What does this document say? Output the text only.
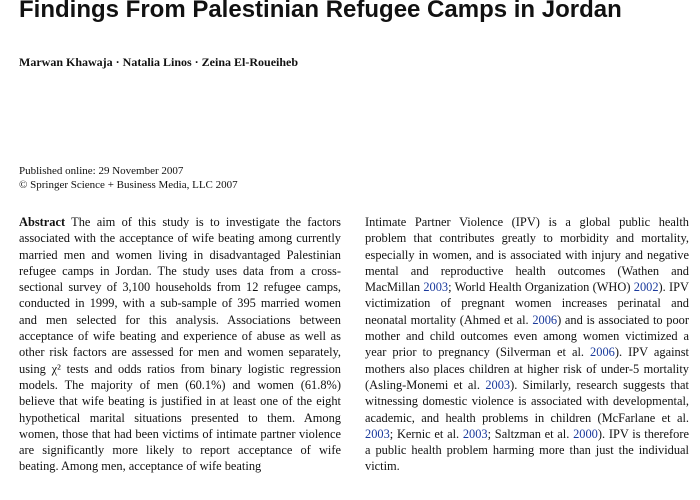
Findings From Palestinian Refugee Camps in Jordan
Marwan Khawaja · Natalia Linos · Zeina El-Roueiheb
Published online: 29 November 2007
© Springer Science + Business Media, LLC 2007

Abstract The aim of this study is to investigate the factors associated with the acceptance of wife beating among currently married men and women living in disadvantaged Palestinian refugee camps in Jordan. The study uses data from a cross-sectional survey of 3,100 households from 12 refugee camps, conducted in 1999, with a sub-sample of 395 married women and men selected for this analysis. Associations between acceptance of wife beating and experience of abuse as well as other risk factors are assessed for men and women separately, using χ² tests and odds ratios from binary logistic regression models. The majority of men (60.1%) and women (61.8%) believe that wife beating is justified in at least one of the eight hypothetical marital situations presented to them. Among women, those that had been victims of intimate partner violence are significantly more likely to report acceptance of wife beating. Among men, acceptance of wife beating

Intimate Partner Violence (IPV) is a global public health problem that contributes greatly to morbidity and mortality, especially in women, and is associated with injury and negative mental and reproductive health outcomes (Wathen and MacMillan 2003; World Health Organization (WHO) 2002). IPV victimization of pregnant women increases perinatal and neonatal mortality (Ahmed et al. 2006) and is associated to poor mother and child outcomes even among women victimized a year prior to pregnancy (Silverman et al. 2006). IPV against mothers also places children at higher risk of under-5 mortality (Asling-Monemi et al. 2003). Similarly, research suggests that witnessing domestic violence is associated with developmental, academic, and health problems in children (McFarlane et al. 2003; Kernic et al. 2003; Saltzman et al. 2000). IPV is therefore a public health problem harming more than just the individual victim.
